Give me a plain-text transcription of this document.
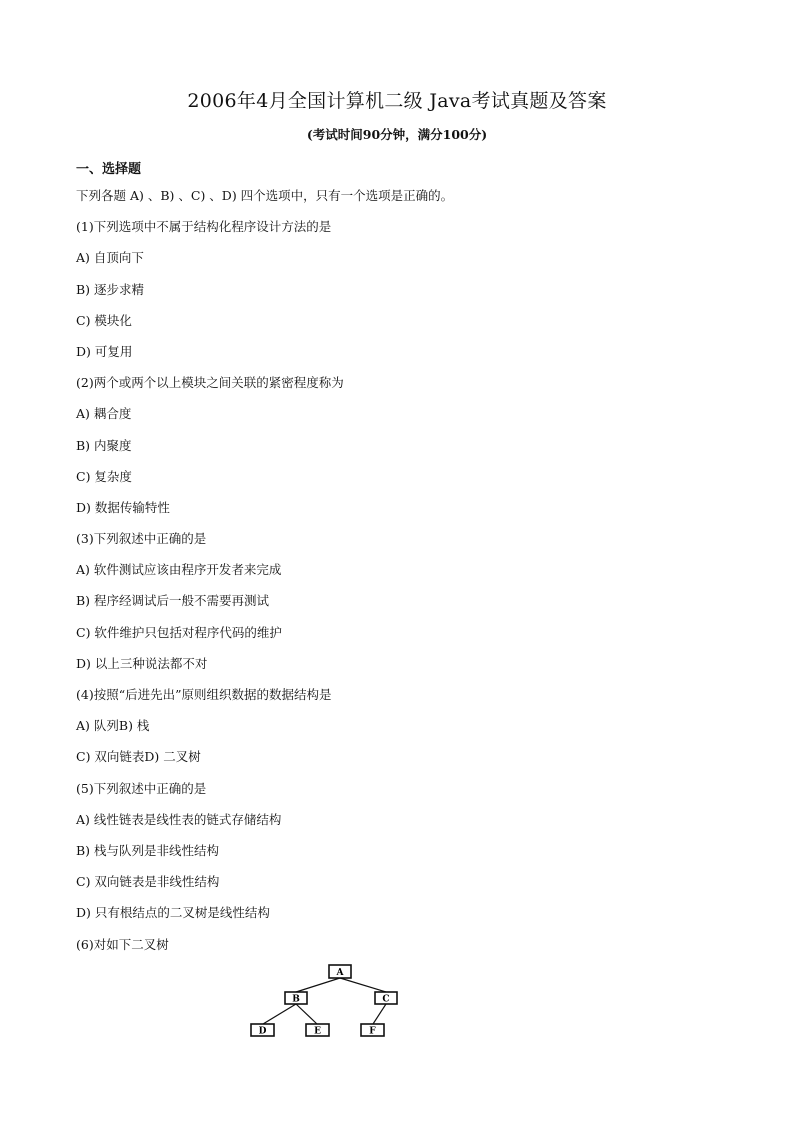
2006年4月全国计算机二级 Java考试真题及答案
(考试时间90分钟，满分100分)
一、选择题
下列各题 A) 、B) 、C) 、D) 四个选项中，只有一个选项是正确的。
(1)下列选项中不属于结构化程序设计方法的是
A) 自顶向下
B) 逐步求精
C) 模块化
D) 可复用
(2)两个或两个以上模块之间关联的紧密程度称为
A) 耦合度
B) 内聚度
C) 复杂度
D) 数据传输特性
(3)下列叙述中正确的是
A) 软件测试应该由程序开发者来完成
B) 程序经调试后一般不需要再测试
C) 软件维护只包括对程序代码的维护
D) 以上三种说法都不对
(4)按照“后进先出”原则组织数据的数据结构是
A) 队列B) 栈
C) 双向链表D) 二叉树
(5)下列叙述中正确的是
A) 线性链表是线性表的链式存储结构
B) 栈与队列是非线性结构
C) 双向链表是非线性结构
D) 只有根结点的二叉树是线性结构
(6)对如下二叉树
A
B	C
D	E	F
